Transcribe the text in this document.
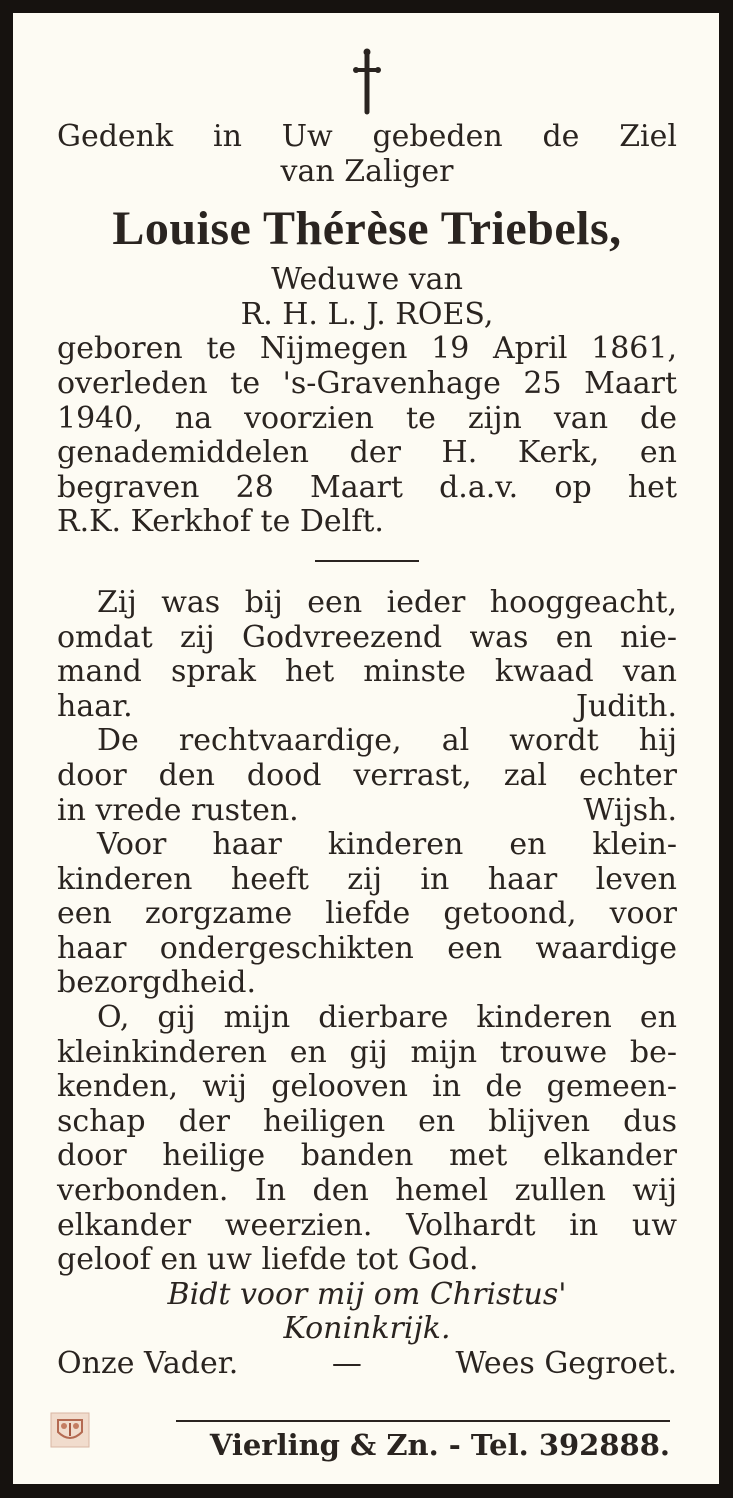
Gedenk in Uw gebeden de Ziel
van Zaliger
Louise Thérèse Triebels,
Weduwe van
R. H. L. J. ROES,
geboren te Nijmegen 19 April 1861,
overleden te 's-Gravenhage 25 Maart
1940, na voorzien te zijn van de
genademiddelen der H. Kerk, en
begraven 28 Maart d.a.v. op het
R.K. Kerkhof te Delft.
Zij was bij een ieder hooggeacht,
omdat zij Godvreezend was en nie-
mand sprak het minste kwaad van
haar.	Judith.
De rechtvaardige, al wordt hij
door den dood verrast, zal echter
in vrede rusten.	Wijsh.
Voor haar kinderen en klein-
kinderen heeft zij in haar leven
een zorgzame liefde getoond, voor
haar ondergeschikten een waardige
bezorgdheid.
O, gij mijn dierbare kinderen en
kleinkinderen en gij mijn trouwe be-
kenden, wij gelooven in de gemeen-
schap der heiligen en blijven dus
door heilige banden met elkander
verbonden. In den hemel zullen wij
elkander weerzien. Volhardt in uw
geloof en uw liefde tot God.
Bidt voor mij om Christus'
Koninkrijk.
Onze Vader.	—	Wees Gegroet.
Vierling & Zn. - Tel. 392888.
